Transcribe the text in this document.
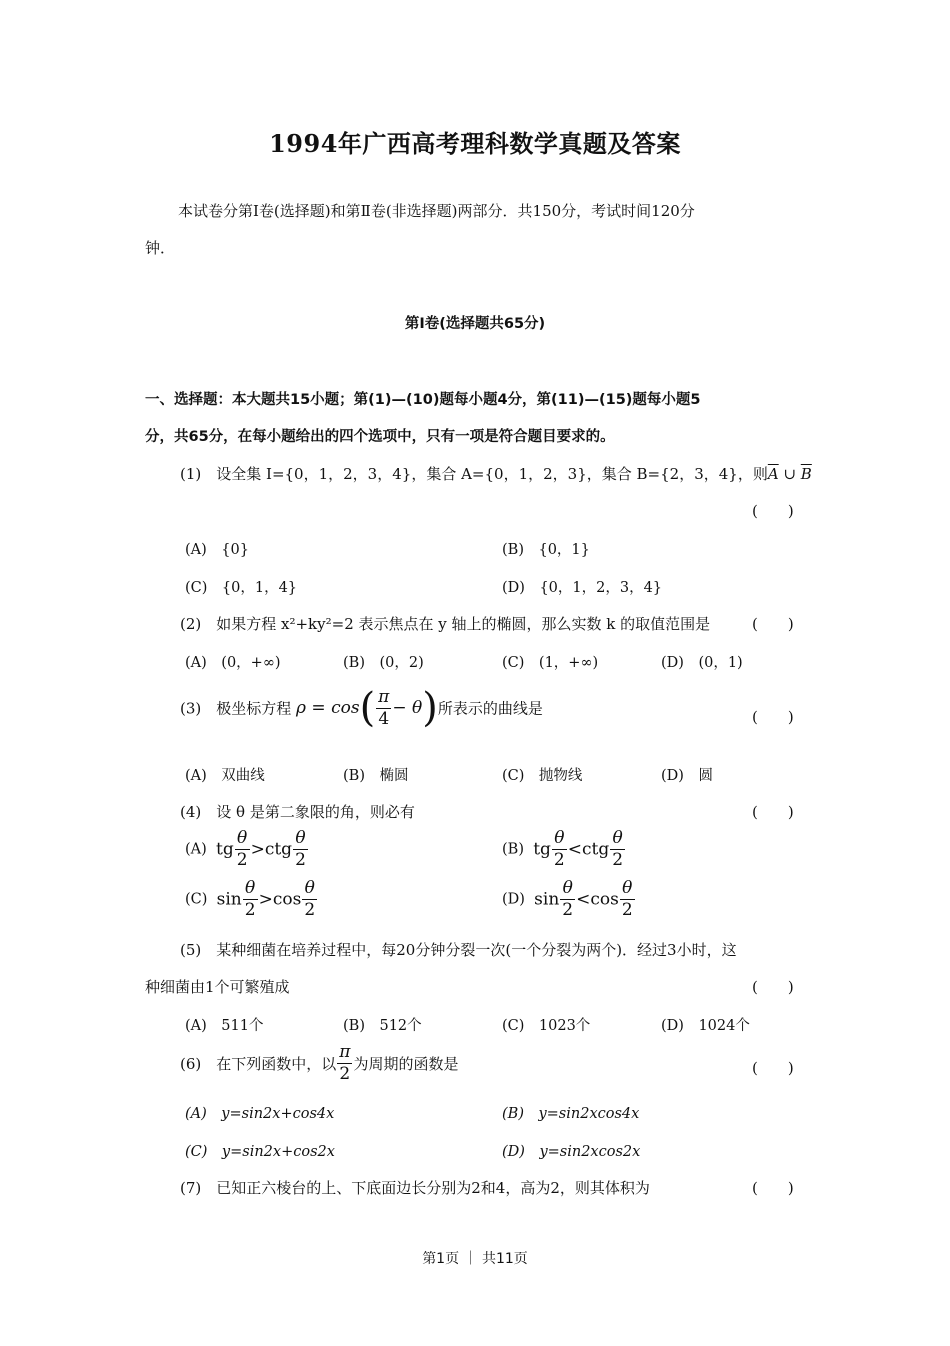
1994年广西高考理科数学真题及答案
本试卷分第Ⅰ卷(选择题)和第Ⅱ卷(非选择题)两部分．共150分，考试时间120分
钟．
第Ⅰ卷(选择题共65分)
一、选择题：本大题共15小题；第(1)—(10)题每小题4分，第(11)—(15)题每小题5
分，共65分，在每小题给出的四个选项中，只有一项是符合题目要求的。
(1)　设全集 I={0，1，2，3，4}，集合 A={0，1，2，3}，集合 B={2，3，4}，则$\overline{A}$ ∪ $\overline{B}$
(　　)
(A)　{0}	(B)　{0，1}
(C)　{0，1，4}	(D)　{0，1，2，3，4}
(2)　如果方程 x²+ky²=2 表示焦点在 y 轴上的椭圆，那么实数 k 的取值范围是	(　　)
(A)　(0，+∞)	(B)　(0，2)	(C)　(1，+∞)	(D)　(0，1)
(3)　极坐标方程 $\rho = \cos( \frac{\pi}{4} - \theta)$所表示的曲线是	(　　)
(A)　双曲线	(B)　椭圆	(C)　抛物线	(D)　圆
(4)　设 θ 是第二象限的角，则必有	(　　)
(A) tg $\frac{\theta}{2} >ctg \frac{\theta}{2}$	(B) tg $\frac{\theta}{2} <ctg \frac{\theta}{2}$
(C) $\sin \frac{\theta}{2} >\cos \frac{\theta}{2}$	(D) $\sin \frac{\theta}{2} <\cos \frac{\theta}{2}$
(5)　某种细菌在培养过程中，每20分钟分裂一次(一个分裂为两个)．经过3小时，这
种细菌由1个可繁殖成	(　　)
(A)　511个	(B)　512个	(C)　1023个	(D)　1024个
(6)　在下列函数中，以 $\frac{\pi}{2}$ 为周期的函数是	(　　)
(A)　y=sin2x+cos4x	(B)　y=sin2xcos4x
(C)　y=sin2x+cos2x	(D)　y=sin2xcos2x
(7)　已知正六棱台的上、下底面边长分别为2和4，高为2，则其体积为	(　　)
第1页 ｜ 共11页
